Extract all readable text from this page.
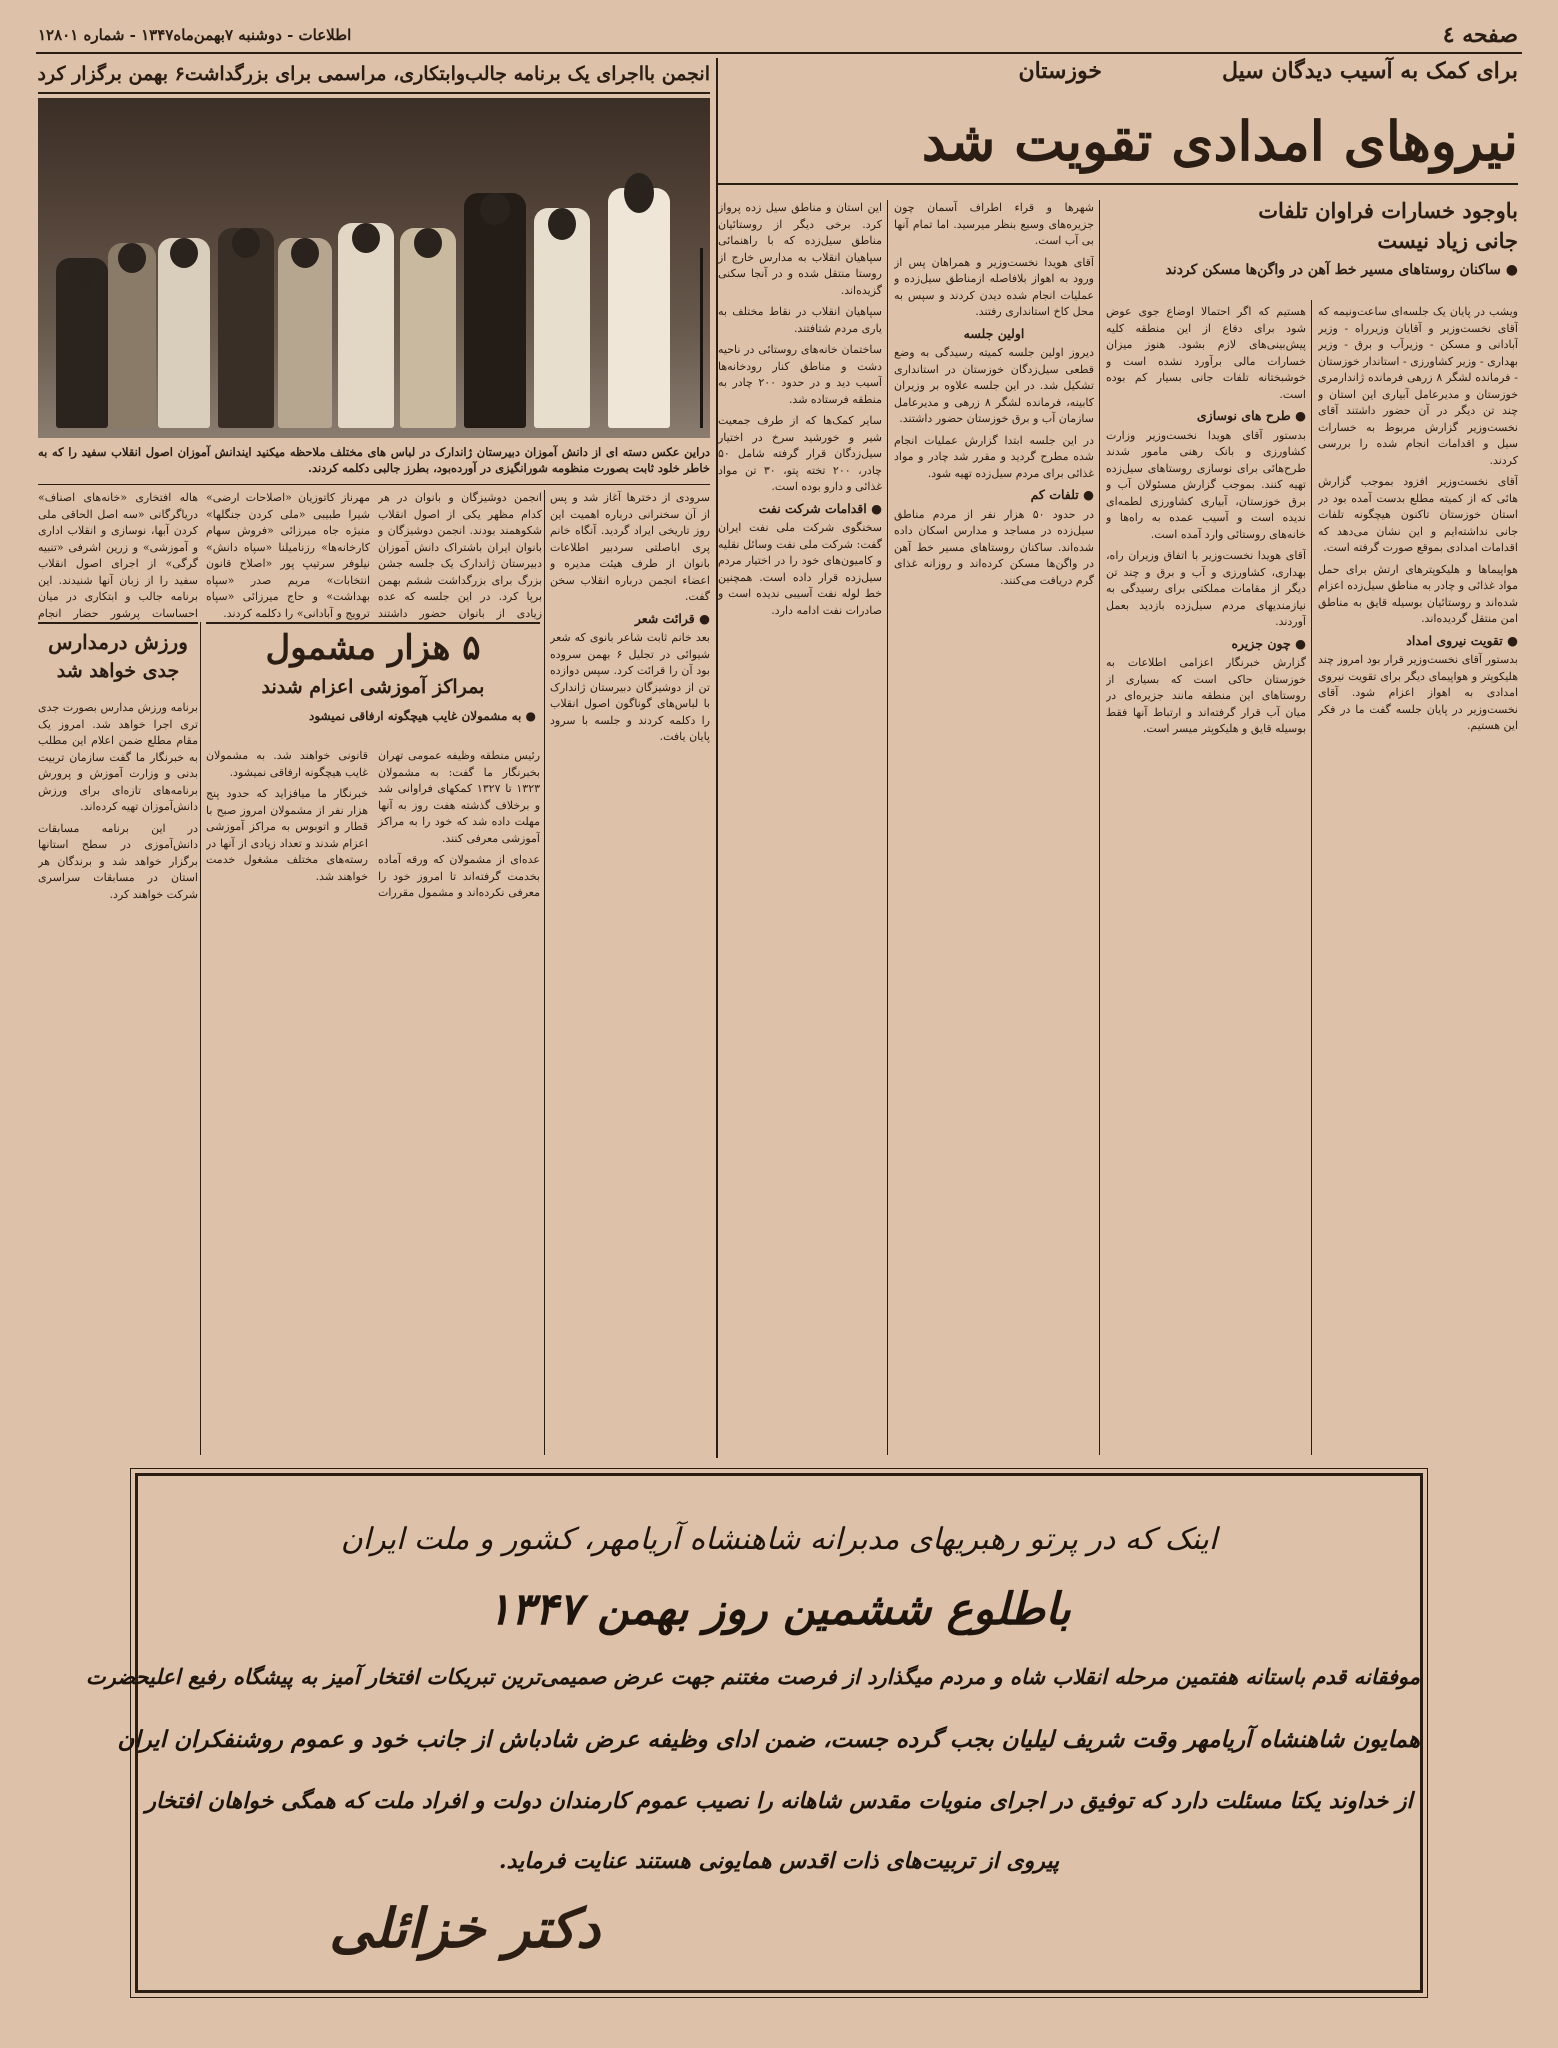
صفحه ٤
اطلاعات - دوشنبه ۷بهمن‌ماه۱۳۴۷ - شماره ۱۲۸۰۱
برای کمک به آسیب دیدگان سیل
خوزستان
نیروهای امدادی تقویت شد
باوجود خسارات فراوان تلفات
جانی زیاد نیست
● ساکنان روستاهای مسیر خط آهن در واگن‌ها مسکن کردند

ویشب در پایان یک جلسه‌ای ساعت‌ونیمه که آقای نخست‌وزیر و آقایان وزیرراه - وزیر آبادانی و مسکن - وزیرآب و برق - وزیر بهداری - وزیر کشاورزی - استاندار خوزستان - فرمانده لشگر ۸ زرهی فرمانده ژاندارمری خوزستان و مدیرعامل آبیاری این استان و چند تن دیگر در آن حضور داشتند آقای نخست‌وزیر گزارش مربوط به خسارات سیل و اقدامات انجام شده را بررسی کردند.

آقای نخست‌وزیر افزود بموجب گزارش هائی که از کمیته مطلع بدست آمده بود در استان خوزستان تاکنون هیچگونه تلفات جانی نداشته‌ایم و این نشان می‌دهد که اقدامات امدادی بموقع صورت گرفته است.

هواپیماها و هلیکوپترهای ارتش برای حمل مواد غذائی و چادر به مناطق سیل‌زده اعزام شده‌اند و روستائیان بوسیله قایق به مناطق امن منتقل گردیده‌اند.

● تقویت نیروی امداد

بدستور آقای نخست‌وزیر قرار بود امروز چند هلیکوپتر و هواپیمای دیگر برای تقویت نیروی امدادی به اهواز اعزام شود. آقای نخست‌وزیر در پایان جلسه گفت ما در فکر این هستیم.

هستیم که اگر احتمالا اوضاع جوی عوض شود برای دفاع از این منطقه کلیه پیش‌بینی‌های لازم بشود. هنوز میزان خسارات مالی برآورد نشده است و خوشبختانه تلفات جانی بسیار کم بوده است.

● طرح های نوسازی

بدستور آقای هویدا نخست‌وزیر وزارت کشاورزی و بانک رهنی مامور شدند طرح‌هائی برای نوسازی روستاهای سیل‌زده تهیه کنند. بموجب گزارش مسئولان آب و برق خوزستان، آبیاری کشاورزی لطمه‌ای ندیده است و آسیب عمده به راه‌ها و خانه‌های روستائی وارد آمده است.

آقای هویدا نخست‌وزیر با اتفاق وزیران راه، بهداری، کشاورزی و آب و برق و چند تن دیگر از مقامات مملکتی برای رسیدگی به نیازمندیهای مردم سیل‌زده بازدید بعمل آوردند.

● چون جزیره

گزارش خبرنگار اعزامی اطلاعات به خوزستان حاکی است که بسیاری از روستاهای این منطقه مانند جزیره‌ای در میان آب قرار گرفته‌اند و ارتباط آنها فقط بوسیله قایق و هلیکوپتر میسر است.

شهرها و قراء اطراف آسمان چون جزیره‌های وسیع بنظر میرسید. اما تمام آنها بی آب است.

آقای هویدا نخست‌وزیر و همراهان پس از ورود به اهواز بلافاصله ازمناطق سیل‌زده و عملیات انجام شده دیدن کردند و سپس به محل کاخ استانداری رفتند.

اولین جلسه

دیروز اولین جلسه کمیته رسیدگی به وضع قطعی سیل‌زدگان خوزستان در استانداری تشکیل شد. در این جلسه علاوه بر وزیران کابینه، فرمانده لشگر ۸ زرهی و مدیرعامل سازمان آب و برق خوزستان حضور داشتند.

در این جلسه ابتدا گزارش عملیات انجام شده مطرح گردید و مقرر شد چادر و مواد غذائی برای مردم سیل‌زده تهیه شود.

● تلفات کم

در حدود ۵۰ هزار نفر از مردم مناطق سیل‌زده در مساجد و مدارس اسکان داده شده‌اند. ساکنان روستاهای مسیر خط آهن در واگن‌ها مسکن کرده‌اند و روزانه غذای گرم دریافت می‌کنند.

این استان و مناطق سیل زده پرواز کرد. برخی دیگر از روستائیان مناطق سیل‌زده که با راهنمائی سپاهیان انقلاب به مدارس خارج از روستا منتقل شده و در آنجا سکنی گزیده‌اند.

سپاهیان انقلاب در نقاط مختلف به یاری مردم شتافتند.

ساختمان خانه‌های روستائی در ناحیه دشت و مناطق کنار رودخانه‌ها آسیب دید و در حدود ۲۰۰ چادر به منطقه فرستاده شد.

سایر کمک‌ها که از طرف جمعیت شیر و خورشید سرخ در اختیار سیل‌زدگان قرار گرفته شامل ۵۰ چادر، ۲۰۰ تخته پتو، ۳۰ تن مواد غذائی و دارو بوده است.

● اقدامات شرکت نفت

سخنگوی شرکت ملی نفت ایران گفت: شرکت ملی نفت وسائل نقلیه و کامیون‌های خود را در اختیار مردم سیل‌زده قرار داده است. همچنین خط لوله نفت آسیبی ندیده است و صادرات نفت ادامه دارد.

انجمن بااجرای یک برنامه جالب‌وابتکاری، مراسمی برای بزرگداشت۶ بهمن برگزار کرد
دراین عکس دسته ای از دانش آموزان دبیرستان ژاندارک در لباس های مختلف ملاحظه میکنید ایندانش آموزان اصول انقلاب سفید را که به خاطر خلود ثابت بصورت منظومه شورانگیزی در آورده‌بود، بطرز جالبی دکلمه کردند.

هاله افتخاری «خانه‌های اصناف» دریاگرگانی «سه اصل الحاقی ملی کردن آبها، نوسازی و انقلاب اداری و آموزشی» و زرین اشرفی «تنبیه گرگی» از اجرای اصول انقلاب سفید را از زبان آنها شنیدند. این برنامه جالب و ابتکاری در میان احساسات پرشور حضار انجام

مهرناز کاتوزیان «اصلاحات ارضی» شیرا طبیبی «ملی کردن جنگلها» منیژه جاه میرزائی «فروش سهام کارخانه‌ها» رزنامیلنا «سپاه دانش» نیلوفر سرتیپ پور «اصلاح قانون انتخابات» مریم صدر «سپاه بهداشت» و حاج میرزائی «سپاه ترویج و آبادانی» را دکلمه کردند.

انجمن دوشیزگان و بانوان در هر کدام مظهر یکی از اصول انقلاب شکوهمند بودند. انجمن دوشیزگان و بانوان ایران باشتراک دانش آموزان دبیرستان ژاندارک یک جلسه جشن بزرگ برای بزرگداشت ششم بهمن برپا کرد. در این جلسه که عده زیادی از بانوان حضور داشتند

سرودی از دخترها آغاز شد و پس از آن سخنرانی درباره اهمیت این روز تاریخی ایراد گردید. آنگاه خانم پری اباصلتی سردبیر اطلاعات بانوان از طرف هیئت مدیره و اعضاء انجمن درباره انقلاب سخن گفت.

● قرائت شعر

بعد خانم ثابت شاعر بانوی که شعر شیوائی در تجلیل ۶ بهمن سروده بود آن را قرائت کرد. سپس دوازده تن از دوشیزگان دبیرستان ژاندارک با لباس‌های گوناگون اصول انقلاب را دکلمه کردند و جلسه با سرود پایان یافت.

۵ هزار مشمول
بمراکز آموزشی اعزام شدند
● به مشمولان غایب هیچگونه ارفاقی نمیشود

رئیس منطقه وظیفه عمومی تهران بخبرنگار ما گفت: به مشمولان ۱۳۲۳ تا ۱۳۲۷ کمکهای فراوانی شد و برخلاف گذشته هفت روز به آنها مهلت داده شد که خود را به مراکز آموزشی معرفی کنند.

عده‌ای از مشمولان که ورقه آماده بخدمت گرفته‌اند تا امروز خود را معرفی نکرده‌اند و مشمول مقررات قانونی خواهند شد. به مشمولان غایب هیچگونه ارفاقی نمیشود.

خبرنگار ما میافزاید که حدود پنج هزار نفر از مشمولان امروز صبح با قطار و اتوبوس به مراکز آموزشی اعزام شدند و تعداد زیادی از آنها در رسته‌های مختلف مشغول خدمت خواهند شد.

ورزش درمدارس
جدی خواهد شد

برنامه ورزش مدارس بصورت جدی تری اجرا خواهد شد. امروز یک مقام مطلع ضمن اعلام این مطلب به خبرنگار ما گفت سازمان تربیت بدنی و وزارت آموزش و پرورش برنامه‌های تازه‌ای برای ورزش دانش‌آموزان تهیه کرده‌اند.

در این برنامه مسابقات دانش‌آموزی در سطح استانها برگزار خواهد شد و برندگان هر استان در مسابقات سراسری شرکت خواهند کرد.

اینک که در پرتو رهبریهای مدبرانه شاهنشاه آریامهر، کشور و ملت ایران
باطلوع ششمین روز بهمن ۱۳۴۷
موفقانه قدم باستانه هفتمین مرحله انقلاب شاه و مردم میگذارد از فرصت مغتنم جهت عرض صمیمی‌ترین تبریکات افتخار آمیز به پیشگاه رفیع اعلیحضرت
همایون شاهنشاه آریامهر وقت شریف لیلیان بجب گرده جست، ضمن ادای وظیفه عرض شادباش از جانب خود و عموم روشنفکران ایران
از خداوند یکتا مسئلت دارد که توفیق در اجرای منویات مقدس شاهانه را نصیب عموم کارمندان دولت و افراد ملت که همگی خواهان افتخار
پیروی از تربیت‌های ذات اقدس همایونی هستند عنایت فرماید.
دکتر خزائلی
